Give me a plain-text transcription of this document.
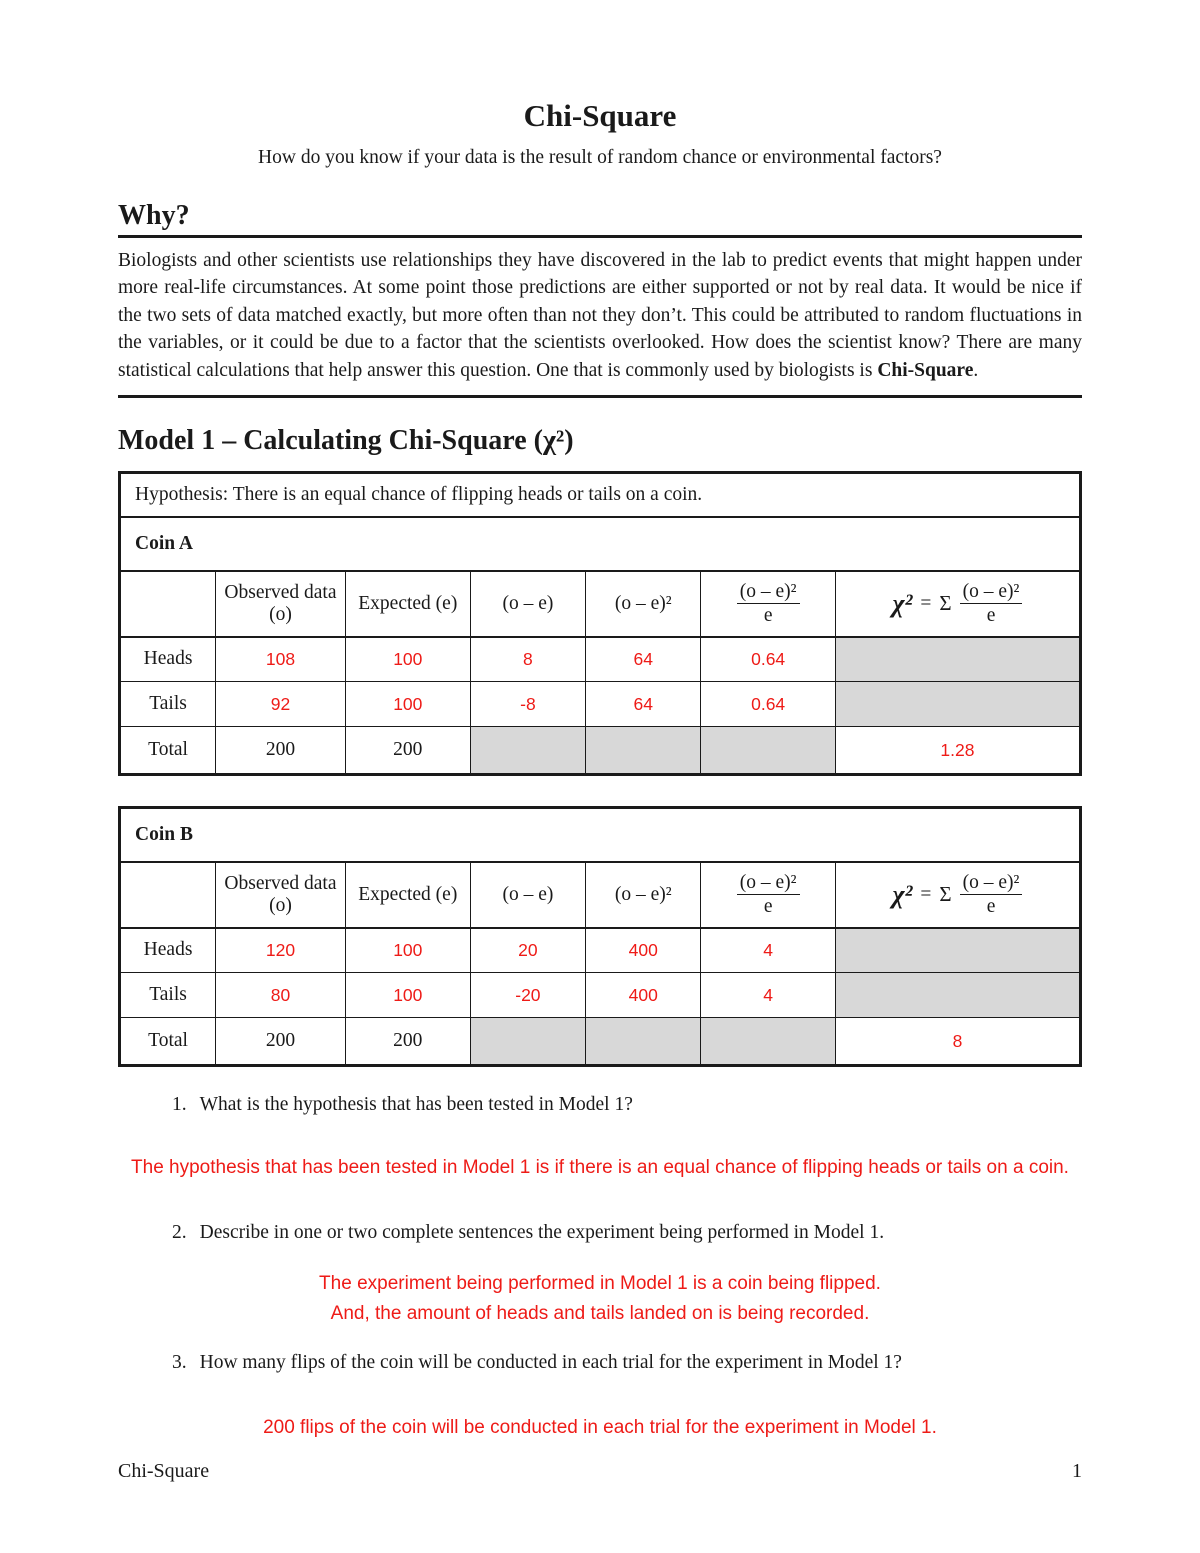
Chi-Square
How do you know if your data is the result of random chance or environmental factors?
Why?
Biologists and other scientists use relationships they have discovered in the lab to predict events that might happen under more real-life circumstances. At some point those predictions are either supported or not by real data. It would be nice if the two sets of data matched exactly, but more often than not they don’t. This could be attributed to random fluctuations in the variables, or it could be due to a factor that the scientists overlooked. How does the scientist know? There are many statistical calculations that help answer this question. One that is commonly used by biologists is Chi-Square.
Model 1 – Calculating Chi-Square (χ²)
Hypothesis: There is an equal chance of flipping heads or tails on a coin.						
Coin A						
	Observed data (o)	Expected (e)	(o – e)	(o – e)²	$\frac{\text{(o – e)²}}{e}$	χ² = Σ $\frac{\text{(o – e)²}}{e}$

Heads	108	100	8	64	0.64	
Tails	92	100	-8	64	0.64	
Total	200	200				1.28
Coin B						
	Observed data (o)	Expected (e)	(o – e)	(o – e)²	$\frac{\text{(o – e)²}}{e}$	χ² = Σ $\frac{\text{(o – e)²}}{e}$

Heads	120	100	20	400	4	
Tails	80	100	-20	400	4	
Total	200	200				8
1. What is the hypothesis that has been tested in Model 1?
The hypothesis that has been tested in Model 1 is if there is an equal chance of flipping heads or tails on a coin.
2. Describe in one or two complete sentences the experiment being performed in Model 1.
The experiment being performed in Model 1 is a coin being flipped.
And, the amount of heads and tails landed on is being recorded.
3. How many flips of the coin will be conducted in each trial for the experiment in Model 1?
200 flips of the coin will be conducted in each trial for the experiment in Model 1.
Chi-Square	1
